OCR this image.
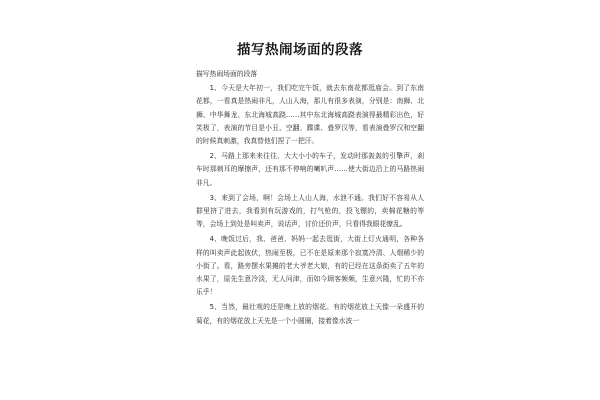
描写热闹场面的段落

描写热闹场面的段落

1、今天是大年初一，我们吃完午饭，就去东南花都逛庙会。到了东南花都，一看真是热闹非凡，人山人海，那儿有很多表演，分别是：南狮、北狮、中华舞龙、东北海城高跷……其中东北海城高跷表演得最精彩出色，好笑极了，表演的节目是小丑、空翻、蹀谍、叠罗汉等，看表演叠罗汉和空翻的时候真刺激，我真替他们捏了一把汗。

2、马路上那来来往往、大大小小的车子，发动时那轰轰的引擎声，刹车时那刺耳的摩擦声，还有那不停响的喇叭声……使大街边沿上的马路热闹非凡。

3、来到了会场，啊！会场上人山人海，水泄不通。我们好不容易从人群里挤了进去，我看到有玩游戏的，打气枪的，投飞镖的，卖棉花糖的等等，会场上到处是叫卖声，说话声，讨价还价声，只看得我眼花缭乱。

4、晚饭过后，我、爸爸、妈妈一起去逛街，大街上灯火通明，各种各样的叫卖声此起彼伏，热闹至极，已不在是原来那个寂寞冷清、人烟稀少的小街了。看，路旁摆水果摊的老大爷老大娘，有的已经在这条街卖了五年的水果了，原先生意冷淡，无人问津，而如今顾客频频，生意兴隆，忙的不亦乐乎！

5、当然，最壮观的还是晚上放的烟花。有的烟花放上天像一朵盛开的菊花，有的烟花放上天先是一个小圆圈，接着像水波一
